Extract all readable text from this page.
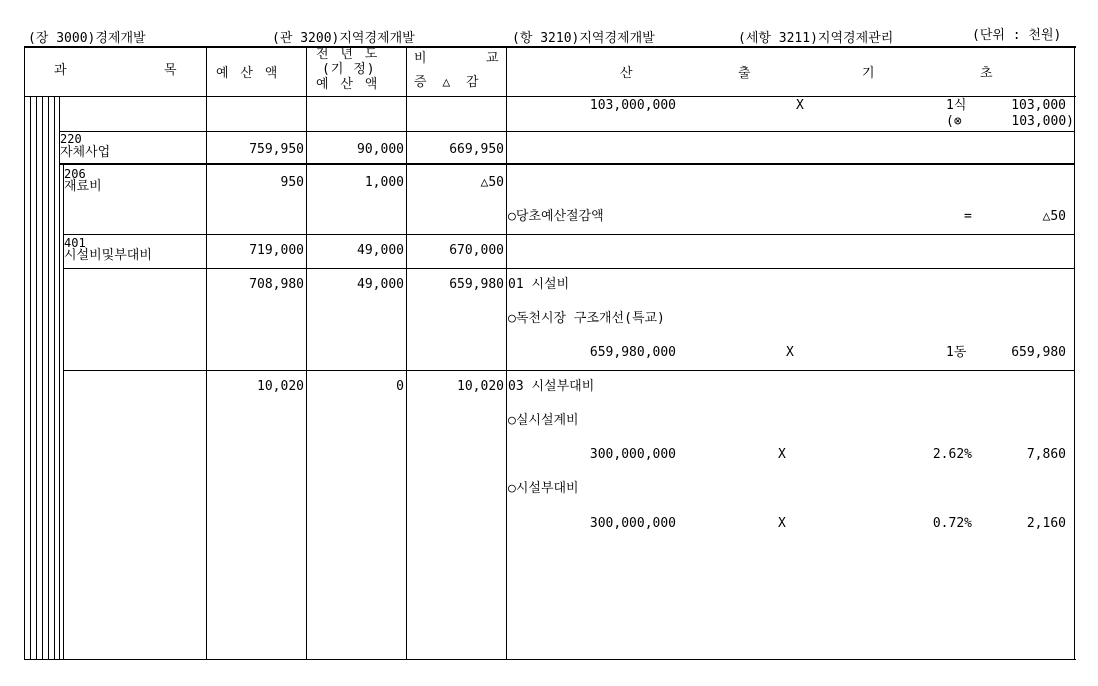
(장 3000)경제개발	(관 3200)지역경제개발	(항 3210)지역경제개발	(세항 3211)지역경제관리	(단위 : 천원)
과	목	예 산 액
전 년 도
(기 정)
예 산 액
비	교
증 △ 감
산	출	기	초
103,000,000	X	1식	103,000
(⊗	103,000)
220
자체사업	759,950	90,000	669,950
206
재료비	950	1,000	△50
○당초예산절감액	=	△50
401
시설비및부대비	719,000	49,000	670,000
708,980	49,000	659,980 01 시설비
○독천시장 구조개선(특교)
659,980,000	X	1동	659,980
10,020	0	10,020 03 시설부대비
○실시설계비
300,000,000	X	2.62%	7,860
○시설부대비
300,000,000	X	0.72%	2,160
